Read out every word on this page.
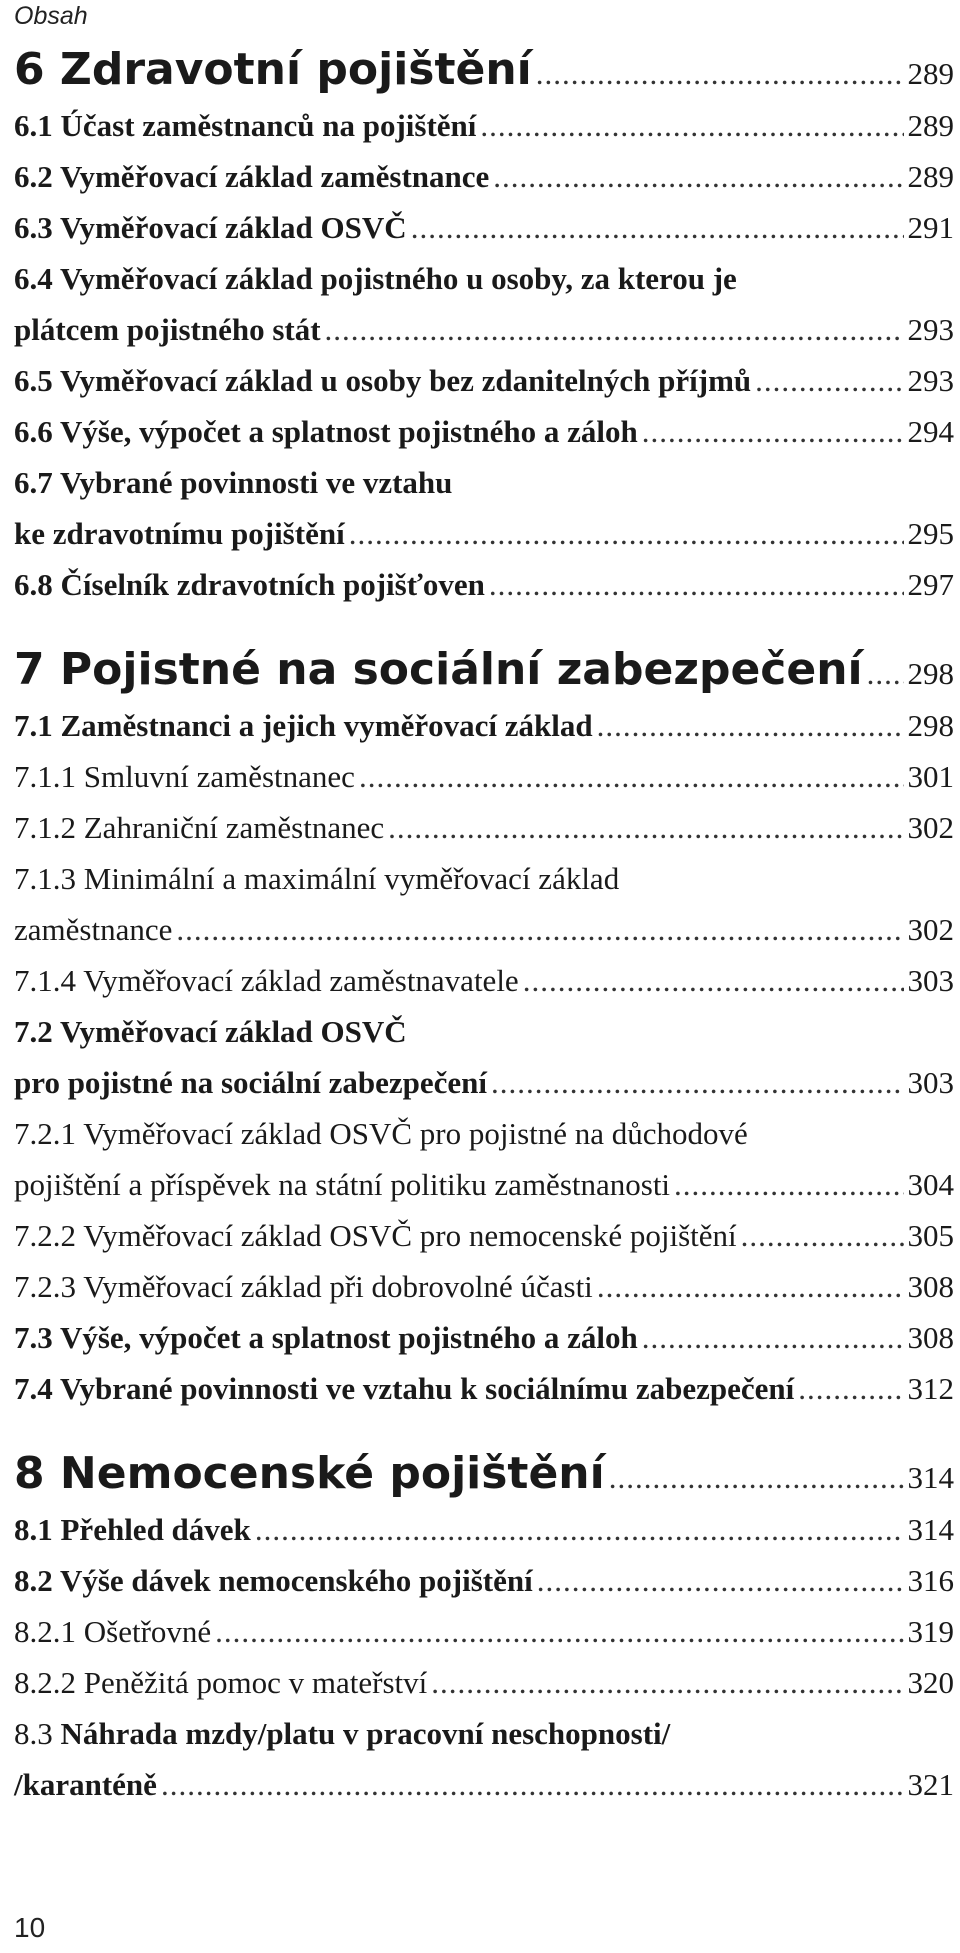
Obsah
6 Zdravotní pojištění .....	289
6.1 Účast zaměstnanců na pojištění .....	289
6.2 Vyměřovací základ zaměstnance .....	289
6.3 Vyměřovací základ OSVČ .....	291
6.4 Vyměřovací základ pojistného u osoby, za kterou je
plátcem pojistného stát .....	293
6.5 Vyměřovací základ u osoby bez zdanitelných příjmů .....	293
6.6 Výše, výpočet a splatnost pojistného a záloh .....	294
6.7 Vybrané povinnosti ve vztahu
ke zdravotnímu pojištění .....	295
6.8 Číselník zdravotních pojišťoven .....	297
7 Pojistné na sociální zabezpečení ..... 298
7.1 Zaměstnanci a jejich vyměřovací základ .....	298
7.1.1 Smluvní zaměstnanec .....	301
7.1.2 Zahraniční zaměstnanec .....	302
7.1.3 Minimální a maximální vyměřovací základ
zaměstnance .....	302
7.1.4 Vyměřovací základ zaměstnavatele .....	303
7.2 Vyměřovací základ OSVČ
pro pojistné na sociální zabezpečení .....	303
7.2.1 Vyměřovací základ OSVČ pro pojistné na důchodové
pojištění a příspěvek na státní politiku zaměstnanosti .....	304
7.2.2 Vyměřovací základ OSVČ pro nemocenské pojištění .....	305
7.2.3 Vyměřovací základ při dobrovolné účasti .....	308
7.3 Výše, výpočet a splatnost pojistného a záloh .....	308
7.4 Vybrané povinnosti ve vztahu k sociálnímu zabezpečení .....	312
8 Nemocenské pojištění .....	314
8.1 Přehled dávek .....	314
8.2 Výše dávek nemocenského pojištění .....	316
8.2.1 Ošetřovné .....	319
8.2.2 Peněžitá pomoc v mateřství .....	320
8.3 Náhrada mzdy/platu v pracovní neschopnosti/
/karanténě .....	321
10
